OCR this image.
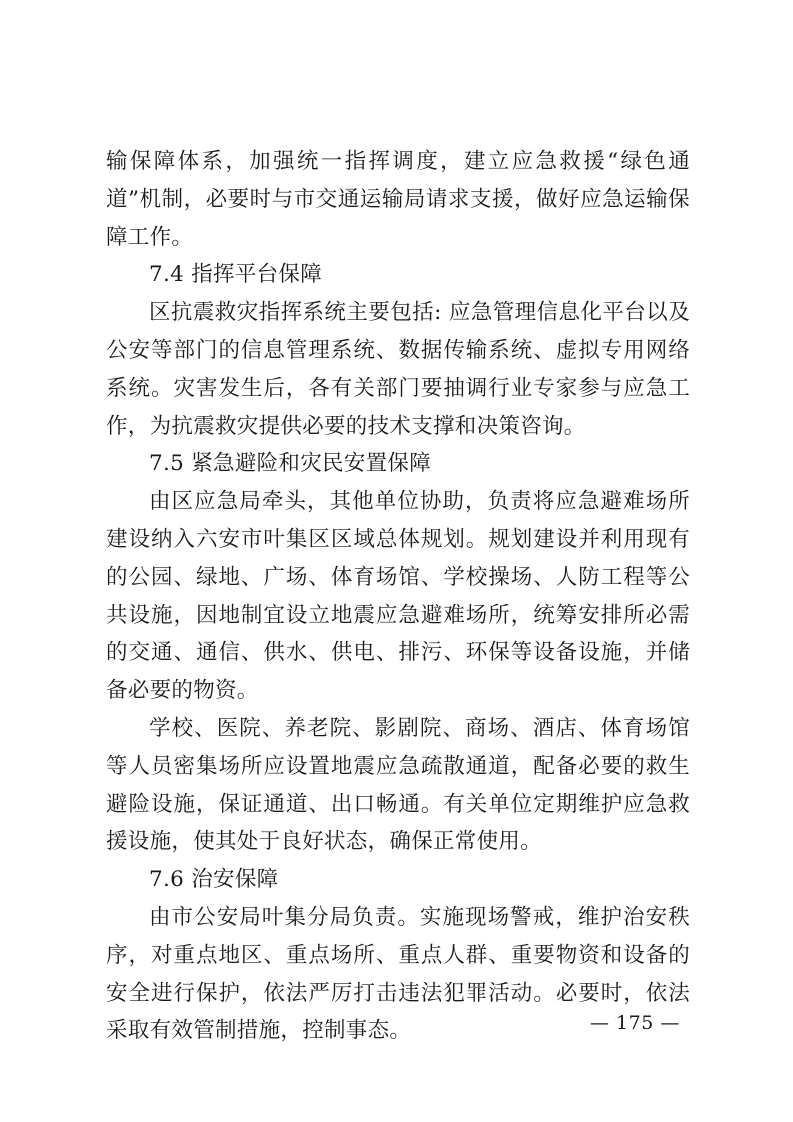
输保障体系，加强统一指挥调度，建立应急救援“绿色通道”机制，必要时与市交通运输局请求支援，做好应急运输保障工作。

7.4 指挥平台保障

区抗震救灾指挥系统主要包括: 应急管理信息化平台以及公安等部门的信息管理系统、数据传输系统、虚拟专用网络系统。灾害发生后，各有关部门要抽调行业专家参与应急工作，为抗震救灾提供必要的技术支撑和决策咨询。

7.5 紧急避险和灾民安置保障

由区应急局牵头，其他单位协助，负责将应急避难场所建设纳入六安市叶集区区域总体规划。规划建设并利用现有的公园、绿地、广场、体育场馆、学校操场、人防工程等公共设施，因地制宜设立地震应急避难场所，统筹安排所必需的交通、通信、供水、供电、排污、环保等设备设施，并储备必要的物资。

学校、医院、养老院、影剧院、商场、酒店、体育场馆等人员密集场所应设置地震应急疏散通道，配备必要的救生避险设施，保证通道、出口畅通。有关单位定期维护应急救援设施，使其处于良好状态，确保正常使用。

7.6 治安保障

由市公安局叶集分局负责。实施现场警戒，维护治安秩序，对重点地区、重点场所、重点人群、重要物资和设备的安全进行保护，依法严厉打击违法犯罪活动。必要时，依法采取有效管制措施，控制事态。	— 175 —
